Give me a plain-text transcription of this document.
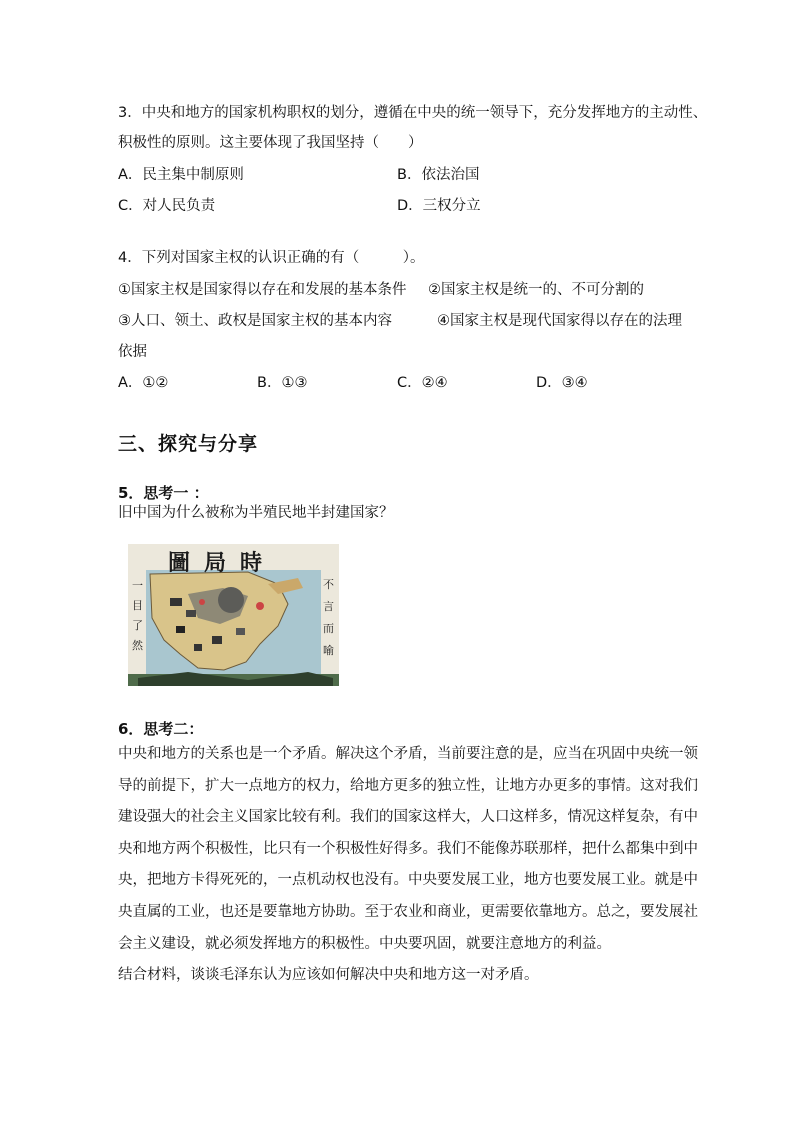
3．中央和地方的国家机构职权的划分，遵循在中央的统一领导下，充分发挥地方的主动性、
积极性的原则。这主要体现了我国坚持（　　）
A．民主集中制原则	B．依法治国
C．对人民负责	D．三权分立
4．下列对国家主权的认识正确的有（　　　）。
①国家主权是国家得以存在和发展的基本条件 ②国家主权是统一的、不可分割的
③人口、领土、政权是国家主权的基本内容	④国家主权是现代国家得以存在的法理
依据
A．①②	B．①③	C．②④	D．③④
三、探究与分享
5．思考一 ：
旧中国为什么被称为半殖民地半封建国家？
圖局時
一
目
了
然
不
言
而
喻
6．思考二：
中央和地方的关系也是一个矛盾。解决这个矛盾，当前要注意的是，应当在巩固中央统一领
导的前提下，扩大一点地方的权力，给地方更多的独立性，让地方办更多的事情。这对我们
建设强大的社会主义国家比较有利。我们的国家这样大，人口这样多，情况这样复杂，有中
央和地方两个积极性，比只有一个积极性好得多。我们不能像苏联那样，把什么都集中到中
央，把地方卡得死死的，一点机动权也没有。中央要发展工业，地方也要发展工业。就是中
央直属的工业，也还是要靠地方协助。至于农业和商业，更需要依靠地方。总之，要发展社
会主义建设，就必须发挥地方的积极性。中央要巩固，就要注意地方的利益。
结合材料，谈谈毛泽东认为应该如何解决中央和地方这一对矛盾。
